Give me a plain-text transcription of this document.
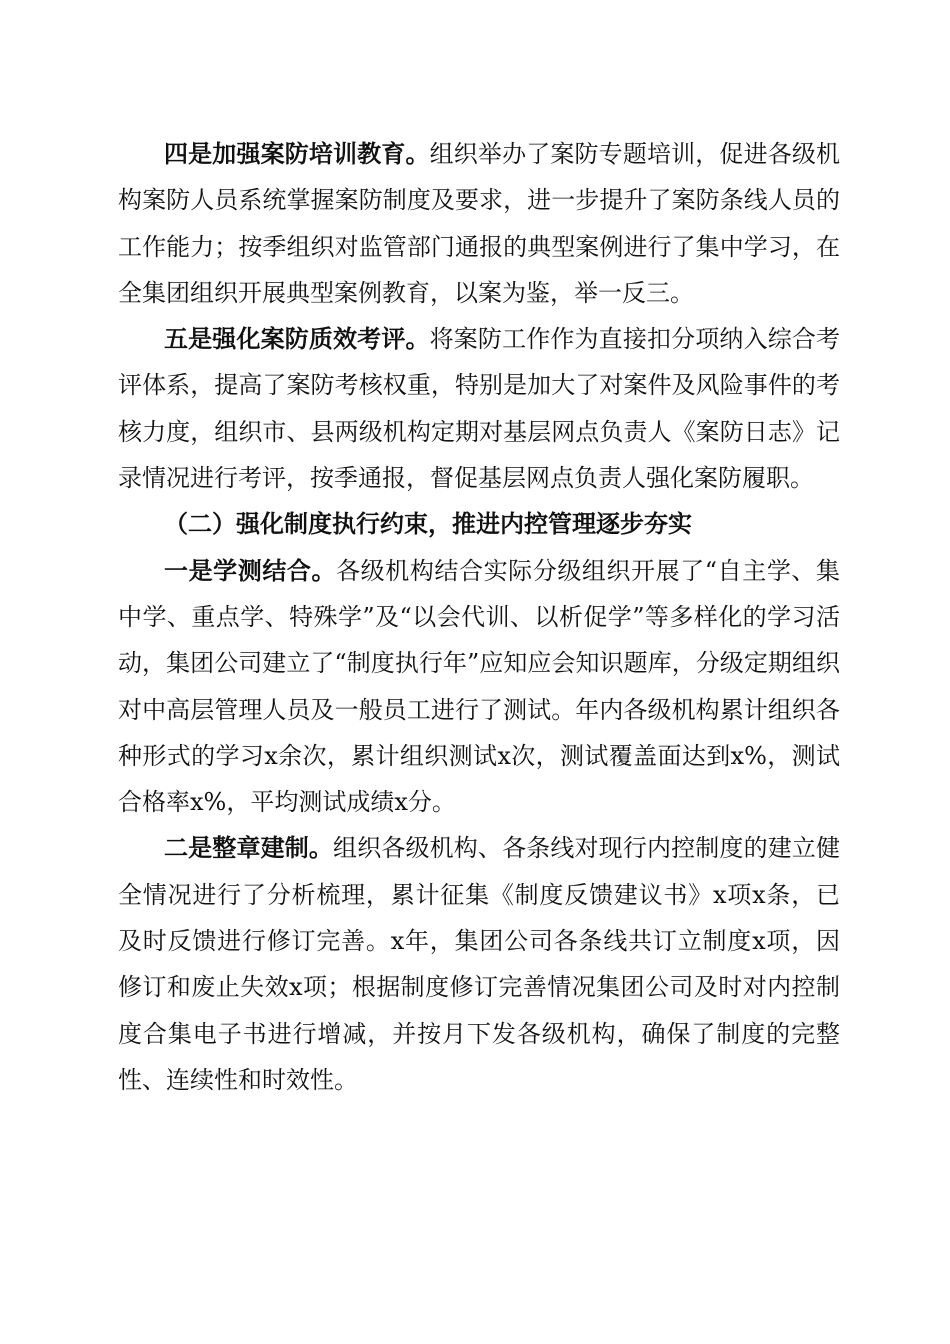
四是加强案防培训教育。组织举办了案防专题培训，促进各级机构案防人员系统掌握案防制度及要求，进一步提升了案防条线人员的工作能力；按季组织对监管部门通报的典型案例进行了集中学习，在全集团组织开展典型案例教育，以案为鉴，举一反三。

五是强化案防质效考评。将案防工作作为直接扣分项纳入综合考评体系，提高了案防考核权重，特别是加大了对案件及风险事件的考核力度，组织市、县两级机构定期对基层网点负责人《案防日志》记录情况进行考评，按季通报，督促基层网点负责人强化案防履职。

（二）强化制度执行约束，推进内控管理逐步夯实

一是学测结合。各级机构结合实际分级组织开展了“自主学、集中学、重点学、特殊学”及“以会代训、以析促学”等多样化的学习活动，集团公司建立了“制度执行年”应知应会知识题库，分级定期组织对中高层管理人员及一般员工进行了测试。年内各级机构累计组织各种形式的学习x余次，累计组织测试x次，测试覆盖面达到x%，测试合格率x%，平均测试成绩x分。

二是整章建制。组织各级机构、各条线对现行内控制度的建立健全情况进行了分析梳理，累计征集《制度反馈建议书》x项x条，已及时反馈进行修订完善。x年，集团公司各条线共订立制度x项，因修订和废止失效x项；根据制度修订完善情况集团公司及时对内控制度合集电子书进行增减，并按月下发各级机构，确保了制度的完整性、连续性和时效性。
